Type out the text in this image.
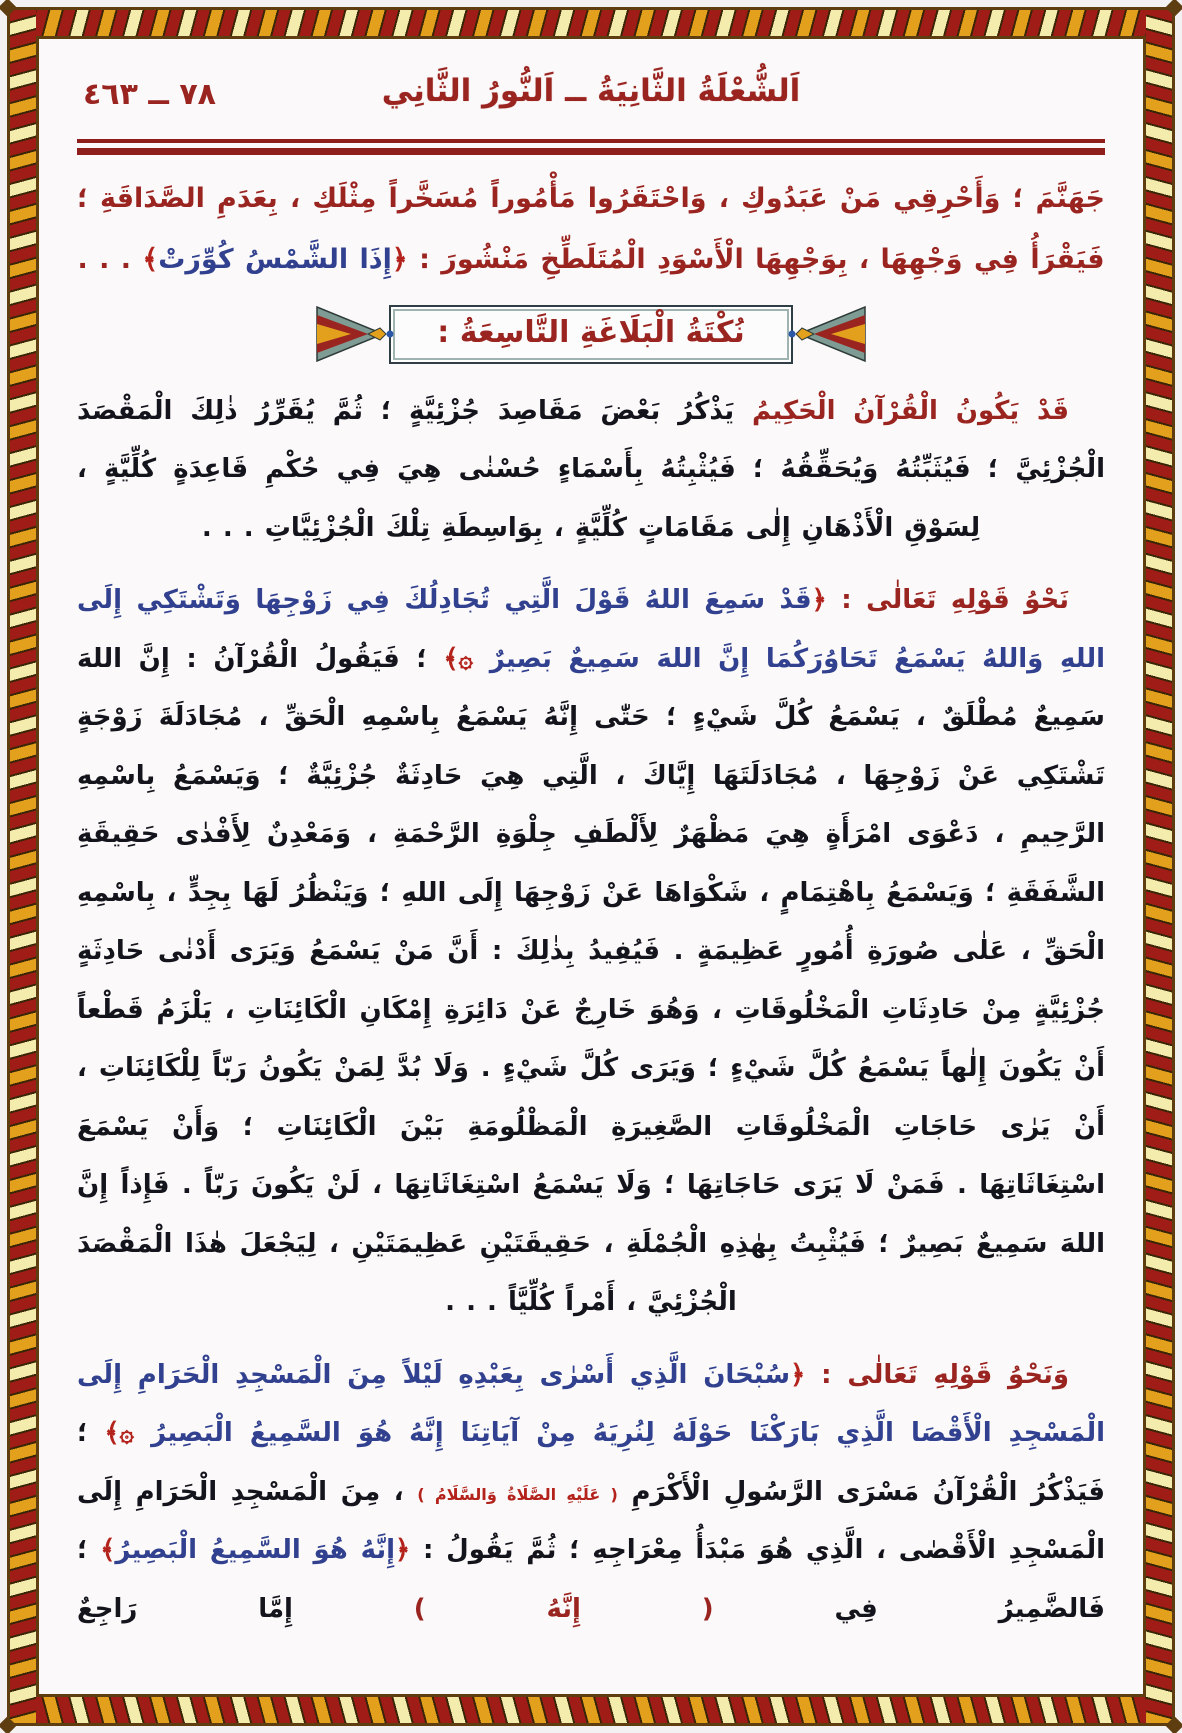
٧٨ ــ ٤٦٣	اَلشُّعْلَةُ الثَّانِيَةُ ــ اَلنُّورُ الثَّانِي
جَهَنَّمَ ؛ وَأَحْرِقِي مَنْ عَبَدُوكِ ، وَاحْتَقَرُوا مَأْمُوراً مُسَخَّراً مِثْلَكِ ، بِعَدَمِ الصَّدَاقَةِ ؛ فَيَقْرَأُ فِي وَجْهِهَا ، بِوَجْهِهَا الْأَسْوَدِ الْمُتَلَطِّخِ مَنْشُورَ : ﴿إِذَا الشَّمْسُ كُوِّرَتْ﴾ . . .
نُكْتَةُ الْبَلَاغَةِ التَّاسِعَةُ :
قَدْ يَكُونُ الْقُرْآنُ الْحَكِيمُ يَذْكُرُ بَعْضَ مَقَاصِدَ جُزْئِيَّةٍ ؛ ثُمَّ يُقَرِّرُ ذٰلِكَ الْمَقْصَدَ الْجُزْئِيَّ ؛ فَيُثَبِّتُهُ وَيُحَقِّقُهُ ؛ فَيُثْبِتُهُ بِأَسْمَاءٍ حُسْنٰى هِيَ فِي حُكْمِ قَاعِدَةٍ كُلِّيَّةٍ ، لِسَوْقِ الْأَذْهَانِ إِلٰى مَقَامَاتٍ كُلِّيَّةٍ ، بِوَاسِطَةِ تِلْكَ الْجُزْئِيَّاتِ . . .
نَحْوُ قَوْلِهِ تَعَالٰى : ﴿قَدْ سَمِعَ اللهُ قَوْلَ الَّتِي تُجَادِلُكَ فِي زَوْجِهَا وَتَشْتَكِي إِلَى اللهِ وَاللهُ يَسْمَعُ تَحَاوُرَكُمَا إِنَّ اللهَ سَمِيعٌ بَصِيرٌ ۞﴾ ؛ فَيَقُولُ الْقُرْآنُ : إِنَّ اللهَ سَمِيعٌ مُطْلَقٌ ، يَسْمَعُ كُلَّ شَيْءٍ ؛ حَتّٰى إِنَّهُ يَسْمَعُ بِاسْمِهِ الْحَقِّ ، مُجَادَلَةَ زَوْجَةٍ تَشْتَكِي عَنْ زَوْجِهَا ، مُجَادَلَتَهَا إِيَّاكَ ، الَّتِي هِيَ حَادِثَةٌ جُزْئِيَّةٌ ؛ وَيَسْمَعُ بِاسْمِهِ الرَّحِيمِ ، دَعْوَى امْرَأَةٍ هِيَ مَظْهَرٌ لِأَلْطَفِ جِلْوَةِ الرَّحْمَةِ ، وَمَعْدِنٌ لِأَفْدٰى حَقِيقَةِ الشَّفَقَةِ ؛ وَيَسْمَعُ بِاهْتِمَامٍ ، شَكْوَاهَا عَنْ زَوْجِهَا إِلَى اللهِ ؛ وَيَنْظُرُ لَهَا بِجِدٍّ ، بِاسْمِهِ الْحَقِّ ، عَلٰى صُورَةِ أُمُورٍ عَظِيمَةٍ . فَيُفِيدُ بِذٰلِكَ : أَنَّ مَنْ يَسْمَعُ وَيَرَى أَدْنٰى حَادِثَةٍ جُزْئِيَّةٍ مِنْ حَادِثَاتِ الْمَخْلُوقَاتِ ، وَهُوَ خَارِجٌ عَنْ دَائِرَةِ إِمْكَانِ الْكَائِنَاتِ ، يَلْزَمُ قَطْعاً أَنْ يَكُونَ إِلٰهاً يَسْمَعُ كُلَّ شَيْءٍ ؛ وَيَرَى كُلَّ شَيْءٍ . وَلَا بُدَّ لِمَنْ يَكُونُ رَبّاً لِلْكَائِنَاتِ ، أَنْ يَرٰى حَاجَاتِ الْمَخْلُوقَاتِ الصَّغِيرَةِ الْمَظْلُومَةِ بَيْنَ الْكَائِنَاتِ ؛ وَأَنْ يَسْمَعَ اسْتِغَاثَاتِهَا . فَمَنْ لَا يَرَى حَاجَاتِهَا ؛ وَلَا يَسْمَعُ اسْتِغَاثَاتِهَا ، لَنْ يَكُونَ رَبّاً . فَإِذاً إِنَّ اللهَ سَمِيعٌ بَصِيرٌ ؛ فَيُثْبِتُ بِهٰذِهِ الْجُمْلَةِ ، حَقِيقَتَيْنِ عَظِيمَتَيْنِ ، لِيَجْعَلَ هٰذَا الْمَقْصَدَ الْجُزْئِيَّ ، أَمْراً كُلِّيَّاً . . .
وَنَحْوُ قَوْلِهِ تَعَالٰى : ﴿سُبْحَانَ الَّذِي أَسْرٰى بِعَبْدِهِ لَيْلاً مِنَ الْمَسْجِدِ الْحَرَامِ إِلَى الْمَسْجِدِ الْأَقْصَا الَّذِي بَارَكْنَا حَوْلَهُ لِنُرِيَهُ مِنْ آيَاتِنَا إِنَّهُ هُوَ السَّمِيعُ الْبَصِيرُ ۞﴾ ؛ فَيَذْكُرُ الْقُرْآنُ مَسْرَى الرَّسُولِ الْأَكْرَمِ ( عَلَيْهِ الصَّلَاةُ وَالسَّلَامُ ) ، مِنَ الْمَسْجِدِ الْحَرَامِ إِلَى الْمَسْجِدِ الْأَقْصٰى ، الَّذِي هُوَ مَبْدَأُ مِعْرَاجِهِ ؛ ثُمَّ يَقُولُ : ﴿إِنَّهُ هُوَ السَّمِيعُ الْبَصِيرُ﴾ ؛ فَالضَّمِيرُ فِي ( إِنَّهُ ) إِمَّا رَاجِعٌ
